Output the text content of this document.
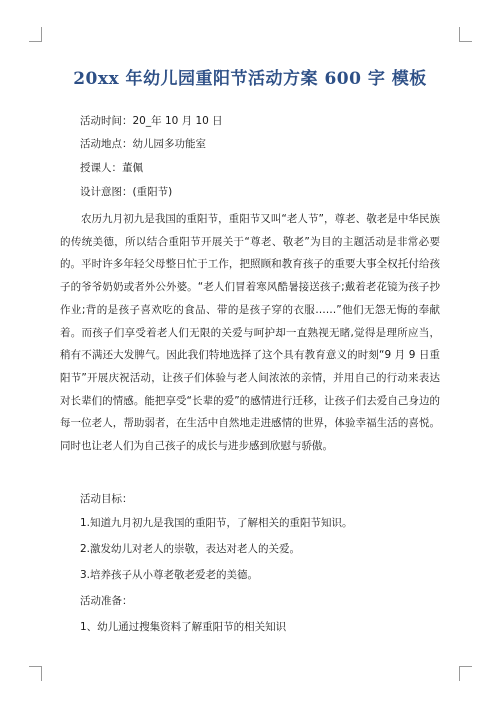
20xx 年幼儿园重阳节活动方案 600 字 模板
活动时间：20_年 10 月 10 日
活动地点：幼儿园多功能室
授课人：董佩
设计意图：(重阳节)
农历九月初九是我国的重阳节，重阳节又叫“老人节”，尊老、敬老是中华民族的传统美德，所以结合重阳节开展关于“尊老、敬老”为目的主题活动是非常必要的。平时许多年轻父母整日忙于工作，把照顾和教育孩子的重要大事全权托付给孩子的爷爷奶奶或者外公外婆。“老人们冒着寒风酷暑接送孩子;戴着老花镜为孩子抄作业;背的是孩子喜欢吃的食品、带的是孩子穿的衣服……”他们无怨无悔的奉献着。而孩子们享受着老人们无限的关爱与呵护却一直熟视无睹,觉得是理所应当，稍有不满还大发脾气。因此我们特地选择了这个具有教育意义的时刻“9 月 9 日重阳节”开展庆祝活动，让孩子们体验与老人间浓浓的亲情，并用自己的行动来表达对长辈们的情感。能把享受“长辈的爱”的感情进行迁移，让孩子们去爱自己身边的每一位老人，帮助弱者，在生活中自然地走进感情的世界，体验幸福生活的喜悦。同时也让老人们为自己孩子的成长与进步感到欣慰与骄傲。
活动目标：
1.知道九月初九是我国的重阳节，了解相关的重阳节知识。
2.激发幼儿对老人的崇敬，表达对老人的关爱。
3.培养孩子从小尊老敬老爱老的美德。
活动准备：
1、幼儿通过搜集资料了解重阳节的相关知识
